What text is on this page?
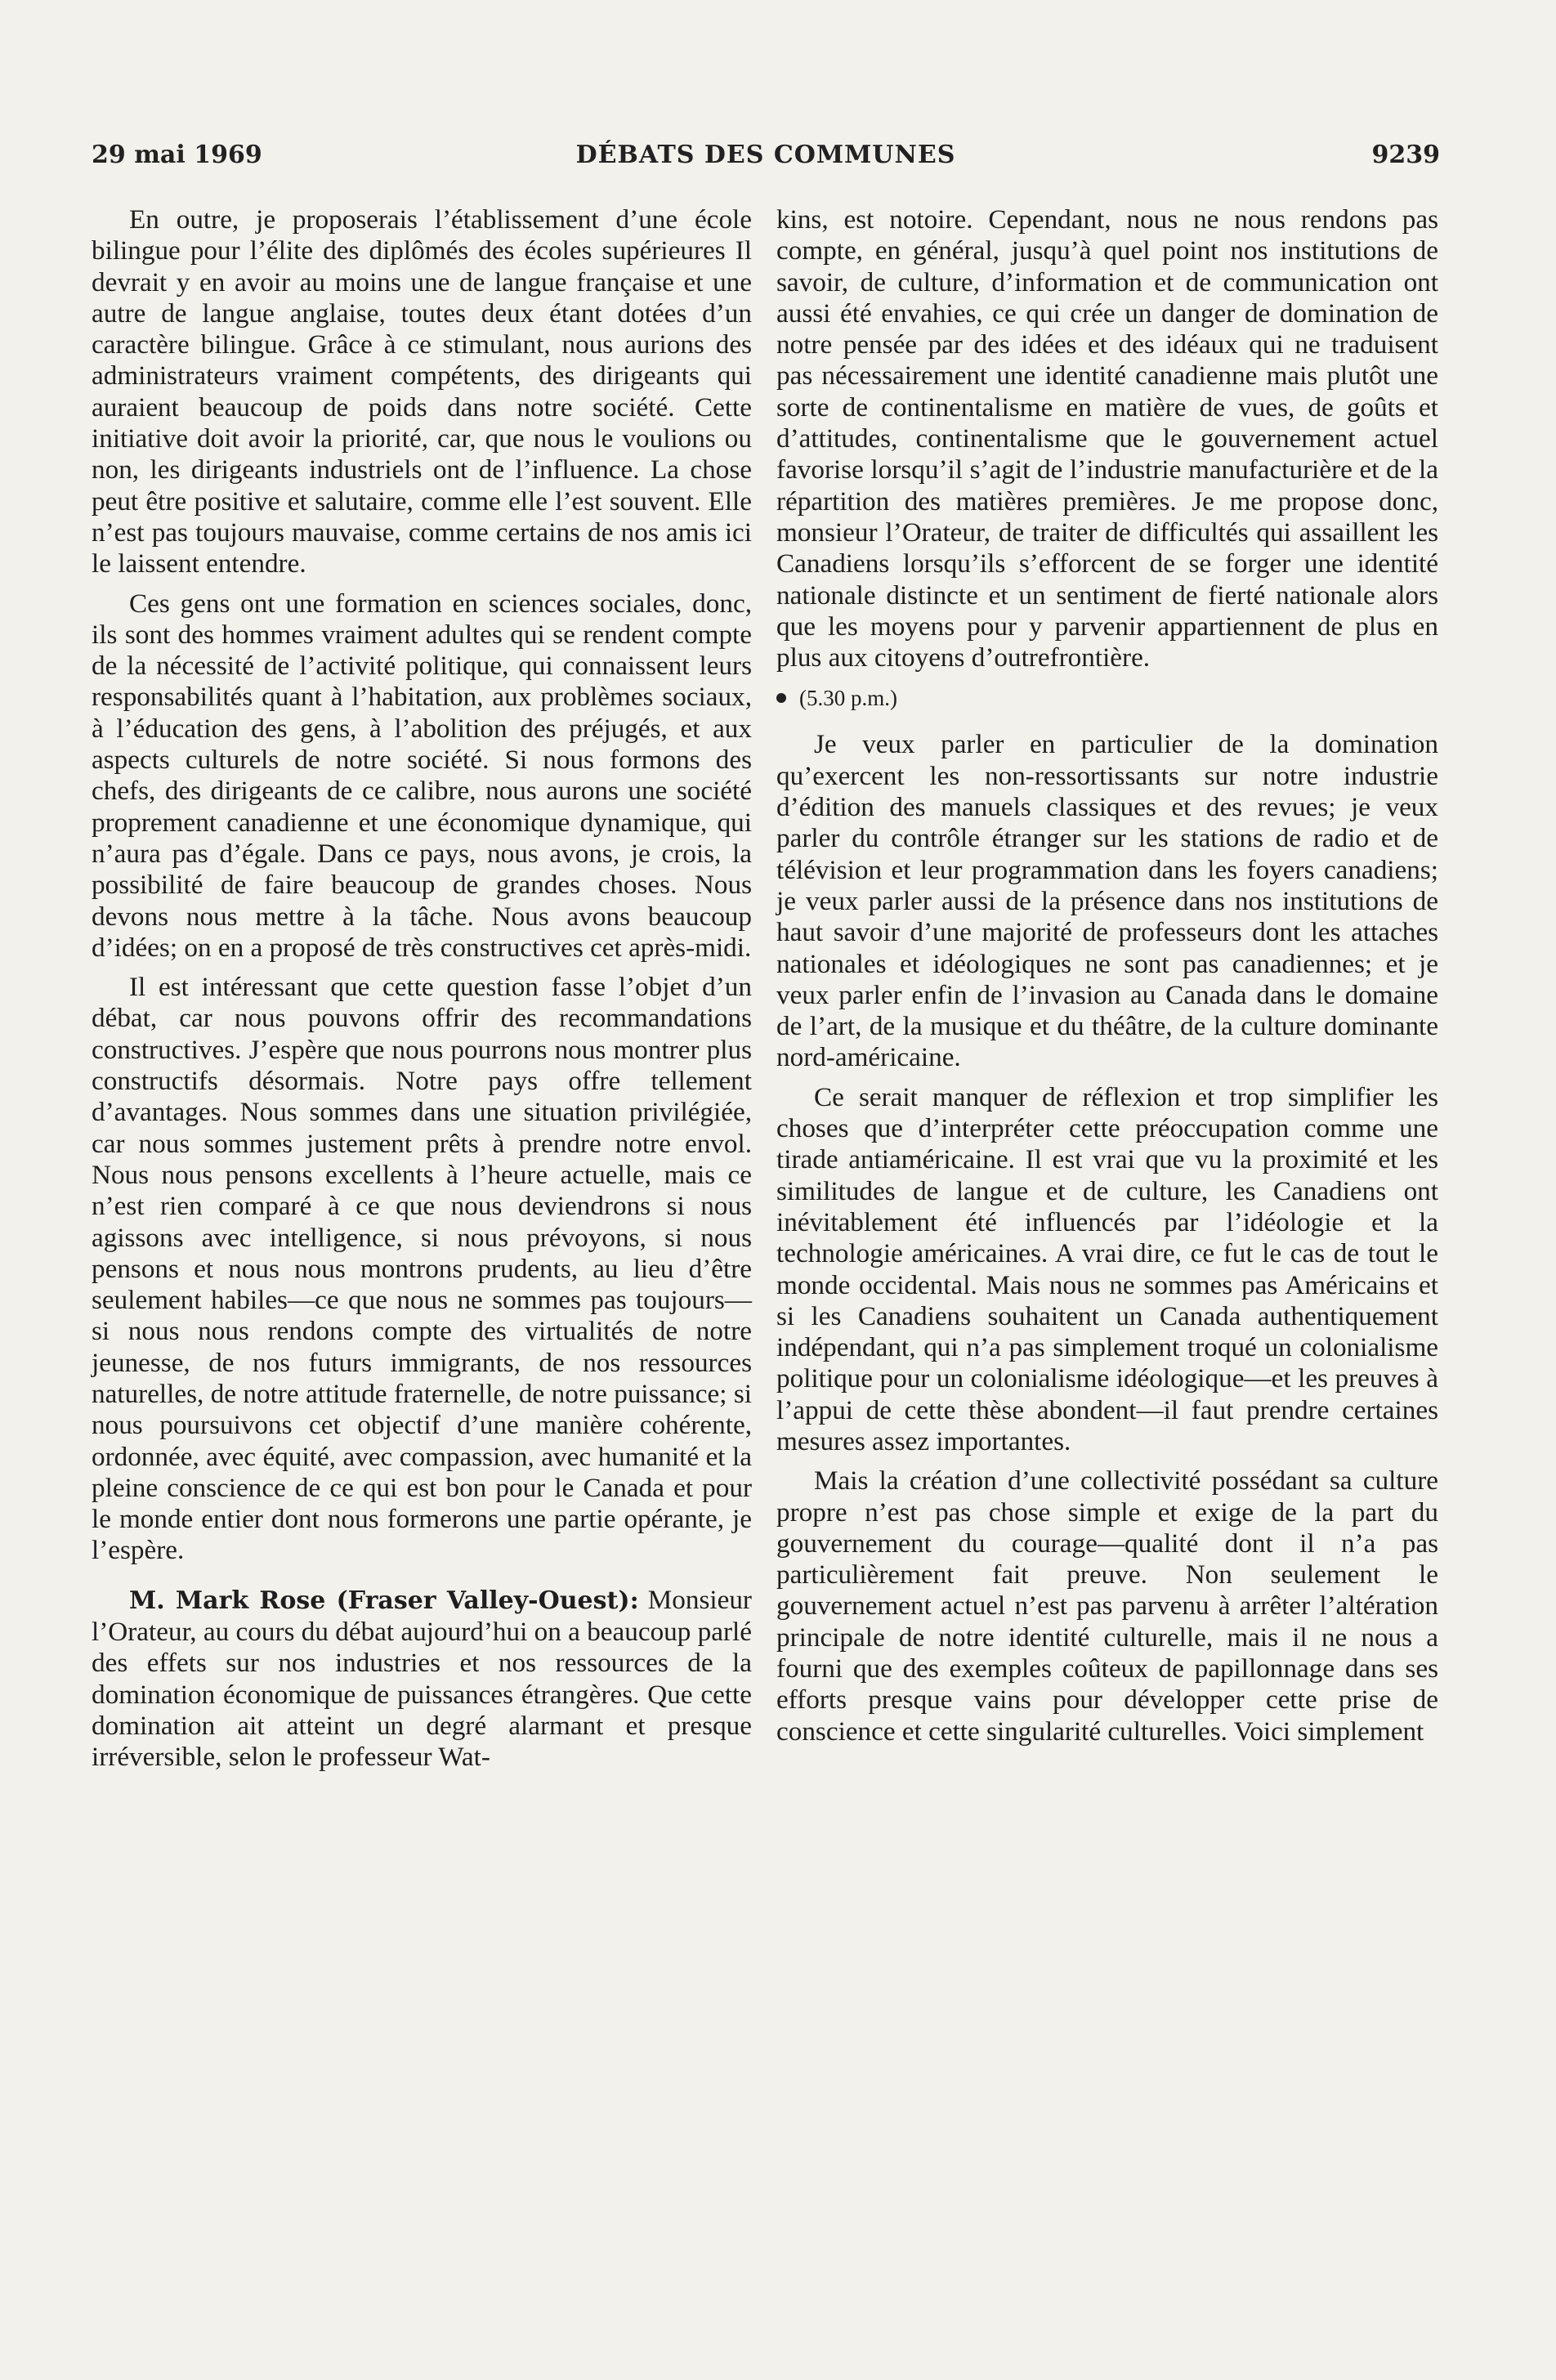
29 mai 1969	DÉBATS DES COMMUNES	9239

En outre, je proposerais l’établissement d’une école bilingue pour l’élite des diplômés des écoles supérieures Il devrait y en avoir au moins une de langue française et une autre de langue anglaise, toutes deux étant dotées d’un caractère bilingue. Grâce à ce stimulant, nous aurions des administrateurs vraiment compétents, des dirigeants qui auraient beaucoup de poids dans notre société. Cette initiative doit avoir la priorité, car, que nous le voulions ou non, les dirigeants industriels ont de l’influence. La chose peut être positive et salutaire, comme elle l’est souvent. Elle n’est pas toujours mauvaise, comme certains de nos amis ici le laissent entendre.

Ces gens ont une formation en sciences sociales, donc, ils sont des hommes vraiment adultes qui se rendent compte de la nécessité de l’activité politique, qui connaissent leurs responsabilités quant à l’habitation, aux problèmes sociaux, à l’éducation des gens, à l’abolition des préjugés, et aux aspects culturels de notre société. Si nous formons des chefs, des dirigeants de ce calibre, nous aurons une société proprement canadienne et une économique dynamique, qui n’aura pas d’égale. Dans ce pays, nous avons, je crois, la possibilité de faire beaucoup de grandes choses. Nous devons nous mettre à la tâche. Nous avons beaucoup d’idées; on en a proposé de très constructives cet après-midi.

Il est intéressant que cette question fasse l’objet d’un débat, car nous pouvons offrir des recommandations constructives. J’espère que nous pourrons nous montrer plus constructifs désormais. Notre pays offre tellement d’avantages. Nous sommes dans une situation privilégiée, car nous sommes justement prêts à prendre notre envol. Nous nous pensons excellents à l’heure actuelle, mais ce n’est rien comparé à ce que nous deviendrons si nous agissons avec intelligence, si nous prévoyons, si nous pensons et nous nous montrons prudents, au lieu d’être seulement habiles—ce que nous ne sommes pas toujours—si nous nous rendons compte des virtualités de notre jeunesse, de nos futurs immigrants, de nos ressources naturelles, de notre attitude fraternelle, de notre puissance; si nous poursuivons cet objectif d’une manière cohérente, ordonnée, avec équité, avec compassion, avec humanité et la pleine conscience de ce qui est bon pour le Canada et pour le monde entier dont nous formerons une partie opérante, je l’espère.

M. Mark Rose (Fraser Valley-Ouest): Monsieur l’Orateur, au cours du débat aujourd’hui on a beaucoup parlé des effets sur nos industries et nos ressources de la domination économique de puissances étrangères. Que cette domination ait atteint un degré alarmant et presque irréversible, selon le professeur Wat-

kins, est notoire. Cependant, nous ne nous rendons pas compte, en général, jusqu’à quel point nos institutions de savoir, de culture, d’information et de communication ont aussi été envahies, ce qui crée un danger de domination de notre pensée par des idées et des idéaux qui ne traduisent pas nécessairement une identité canadienne mais plutôt une sorte de continentalisme en matière de vues, de goûts et d’attitudes, continentalisme que le gouvernement actuel favorise lorsqu’il s’agit de l’industrie manufacturière et de la répartition des matières premières. Je me propose donc, monsieur l’Orateur, de traiter de difficultés qui assaillent les Canadiens lorsqu’ils s’efforcent de se forger une identité nationale distincte et un sentiment de fierté nationale alors que les moyens pour y parvenir appartiennent de plus en plus aux citoyens d’outrefrontière.

(5.30 p.m.)

Je veux parler en particulier de la domination qu’exercent les non-ressortissants sur notre industrie d’édition des manuels classiques et des revues; je veux parler du contrôle étranger sur les stations de radio et de télévision et leur programmation dans les foyers canadiens; je veux parler aussi de la présence dans nos institutions de haut savoir d’une majorité de professeurs dont les attaches nationales et idéologiques ne sont pas canadiennes; et je veux parler enfin de l’invasion au Canada dans le domaine de l’art, de la musique et du théâtre, de la culture dominante nord-américaine.

Ce serait manquer de réflexion et trop simplifier les choses que d’interpréter cette préoccupation comme une tirade antiaméricaine. Il est vrai que vu la proximité et les similitudes de langue et de culture, les Canadiens ont inévitablement été influencés par l’idéologie et la technologie américaines. A vrai dire, ce fut le cas de tout le monde occidental. Mais nous ne sommes pas Américains et si les Canadiens souhaitent un Canada authentiquement indépendant, qui n’a pas simplement troqué un colonialisme politique pour un colonialisme idéologique—et les preuves à l’appui de cette thèse abondent—il faut prendre certaines mesures assez importantes.

Mais la création d’une collectivité possédant sa culture propre n’est pas chose simple et exige de la part du gouvernement du courage—qualité dont il n’a pas particulièrement fait preuve. Non seulement le gouvernement actuel n’est pas parvenu à arrêter l’altération principale de notre identité culturelle, mais il ne nous a fourni que des exemples coûteux de papillonnage dans ses efforts presque vains pour développer cette prise de conscience et cette singularité culturelles. Voici simplement
